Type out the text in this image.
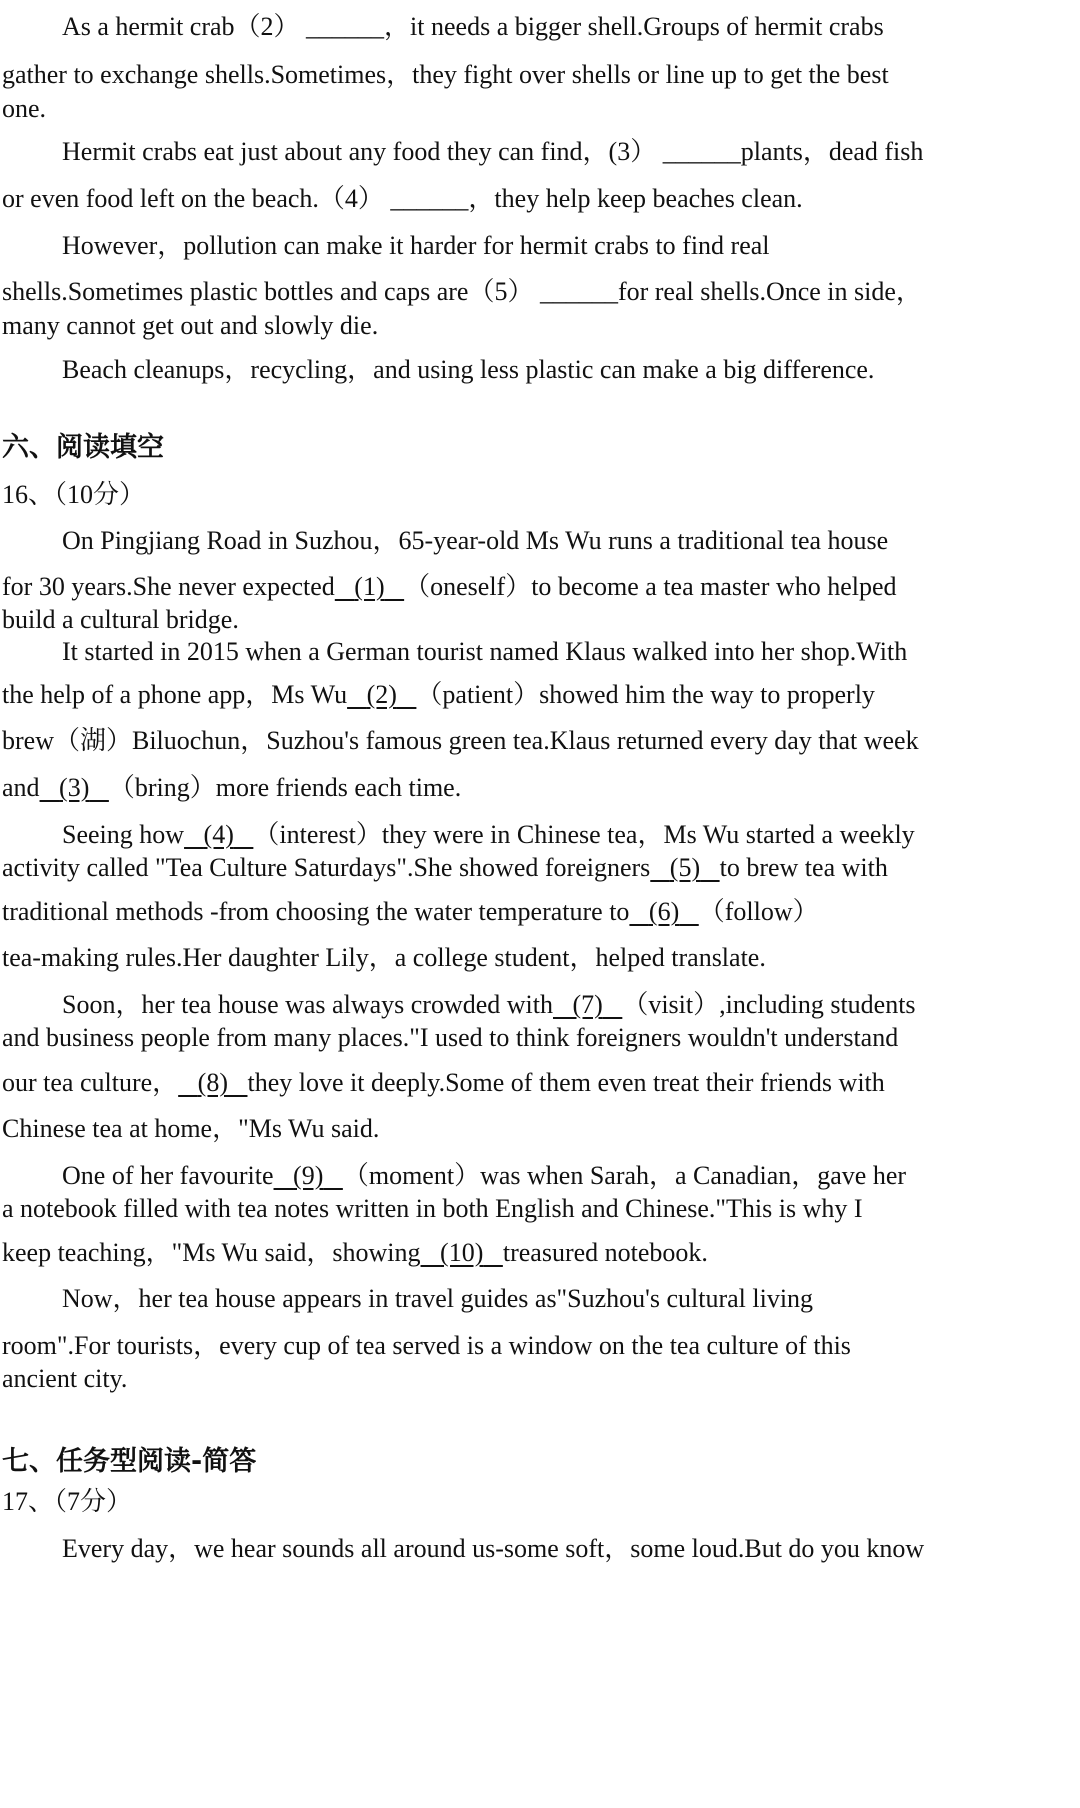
As a hermit crab（2） ______，it needs a bigger shell.Groups of hermit crabs
gather to exchange shells.Sometimes，they fight over shells or line up to get the best
one.
Hermit crabs eat just about any food they can find，(3） ______plants，dead fish
or even food left on the beach.（4） ______，they help keep beaches clean.
However，pollution can make it harder for hermit crabs to find real
shells.Sometimes plastic bottles and caps are（5） ______for real shells.Once in side，
many cannot get out and slowly die.
Beach cleanups，recycling，and using less plastic can make a big difference.
六、阅读填空
16、（10分）
On Pingjiang Road in Suzhou，65-year-old Ms Wu runs a traditional tea house
for 30 years.She never expected (1) （oneself）to become a tea master who helped
build a cultural bridge.
It started in 2015 when a German tourist named Klaus walked into her shop.With
the help of a phone app，Ms Wu (2) （patient）showed him the way to properly
brew（湖）Biluochun，Suzhou's famous green tea.Klaus returned every day that week
and (3) （bring）more friends each time.
Seeing how (4) （interest）they were in Chinese tea，Ms Wu started a weekly
activity called "Tea Culture Saturdays".She showed foreigners (5) to brew tea with
traditional methods -from choosing the water temperature to (6) （follow）
tea-making rules.Her daughter Lily，a college student，helped translate.
Soon，her tea house was always crowded with (7) （visit）,including students
and business people from many places."I used to think foreigners wouldn't understand
our tea culture， (8) they love it deeply.Some of them even treat their friends with
Chinese tea at home，"Ms Wu said.
One of her favourite (9) （moment）was when Sarah，a Canadian，gave her
a notebook filled with tea notes written in both English and Chinese."This is why I
keep teaching，"Ms Wu said，showing (10) treasured notebook.
Now，her tea house appears in travel guides as"Suzhou's cultural living
room".For tourists，every cup of tea served is a window on the tea culture of this
ancient city.
七、任务型阅读-简答
17、（7分）
Every day，we hear sounds all around us-some soft，some loud.But do you know
